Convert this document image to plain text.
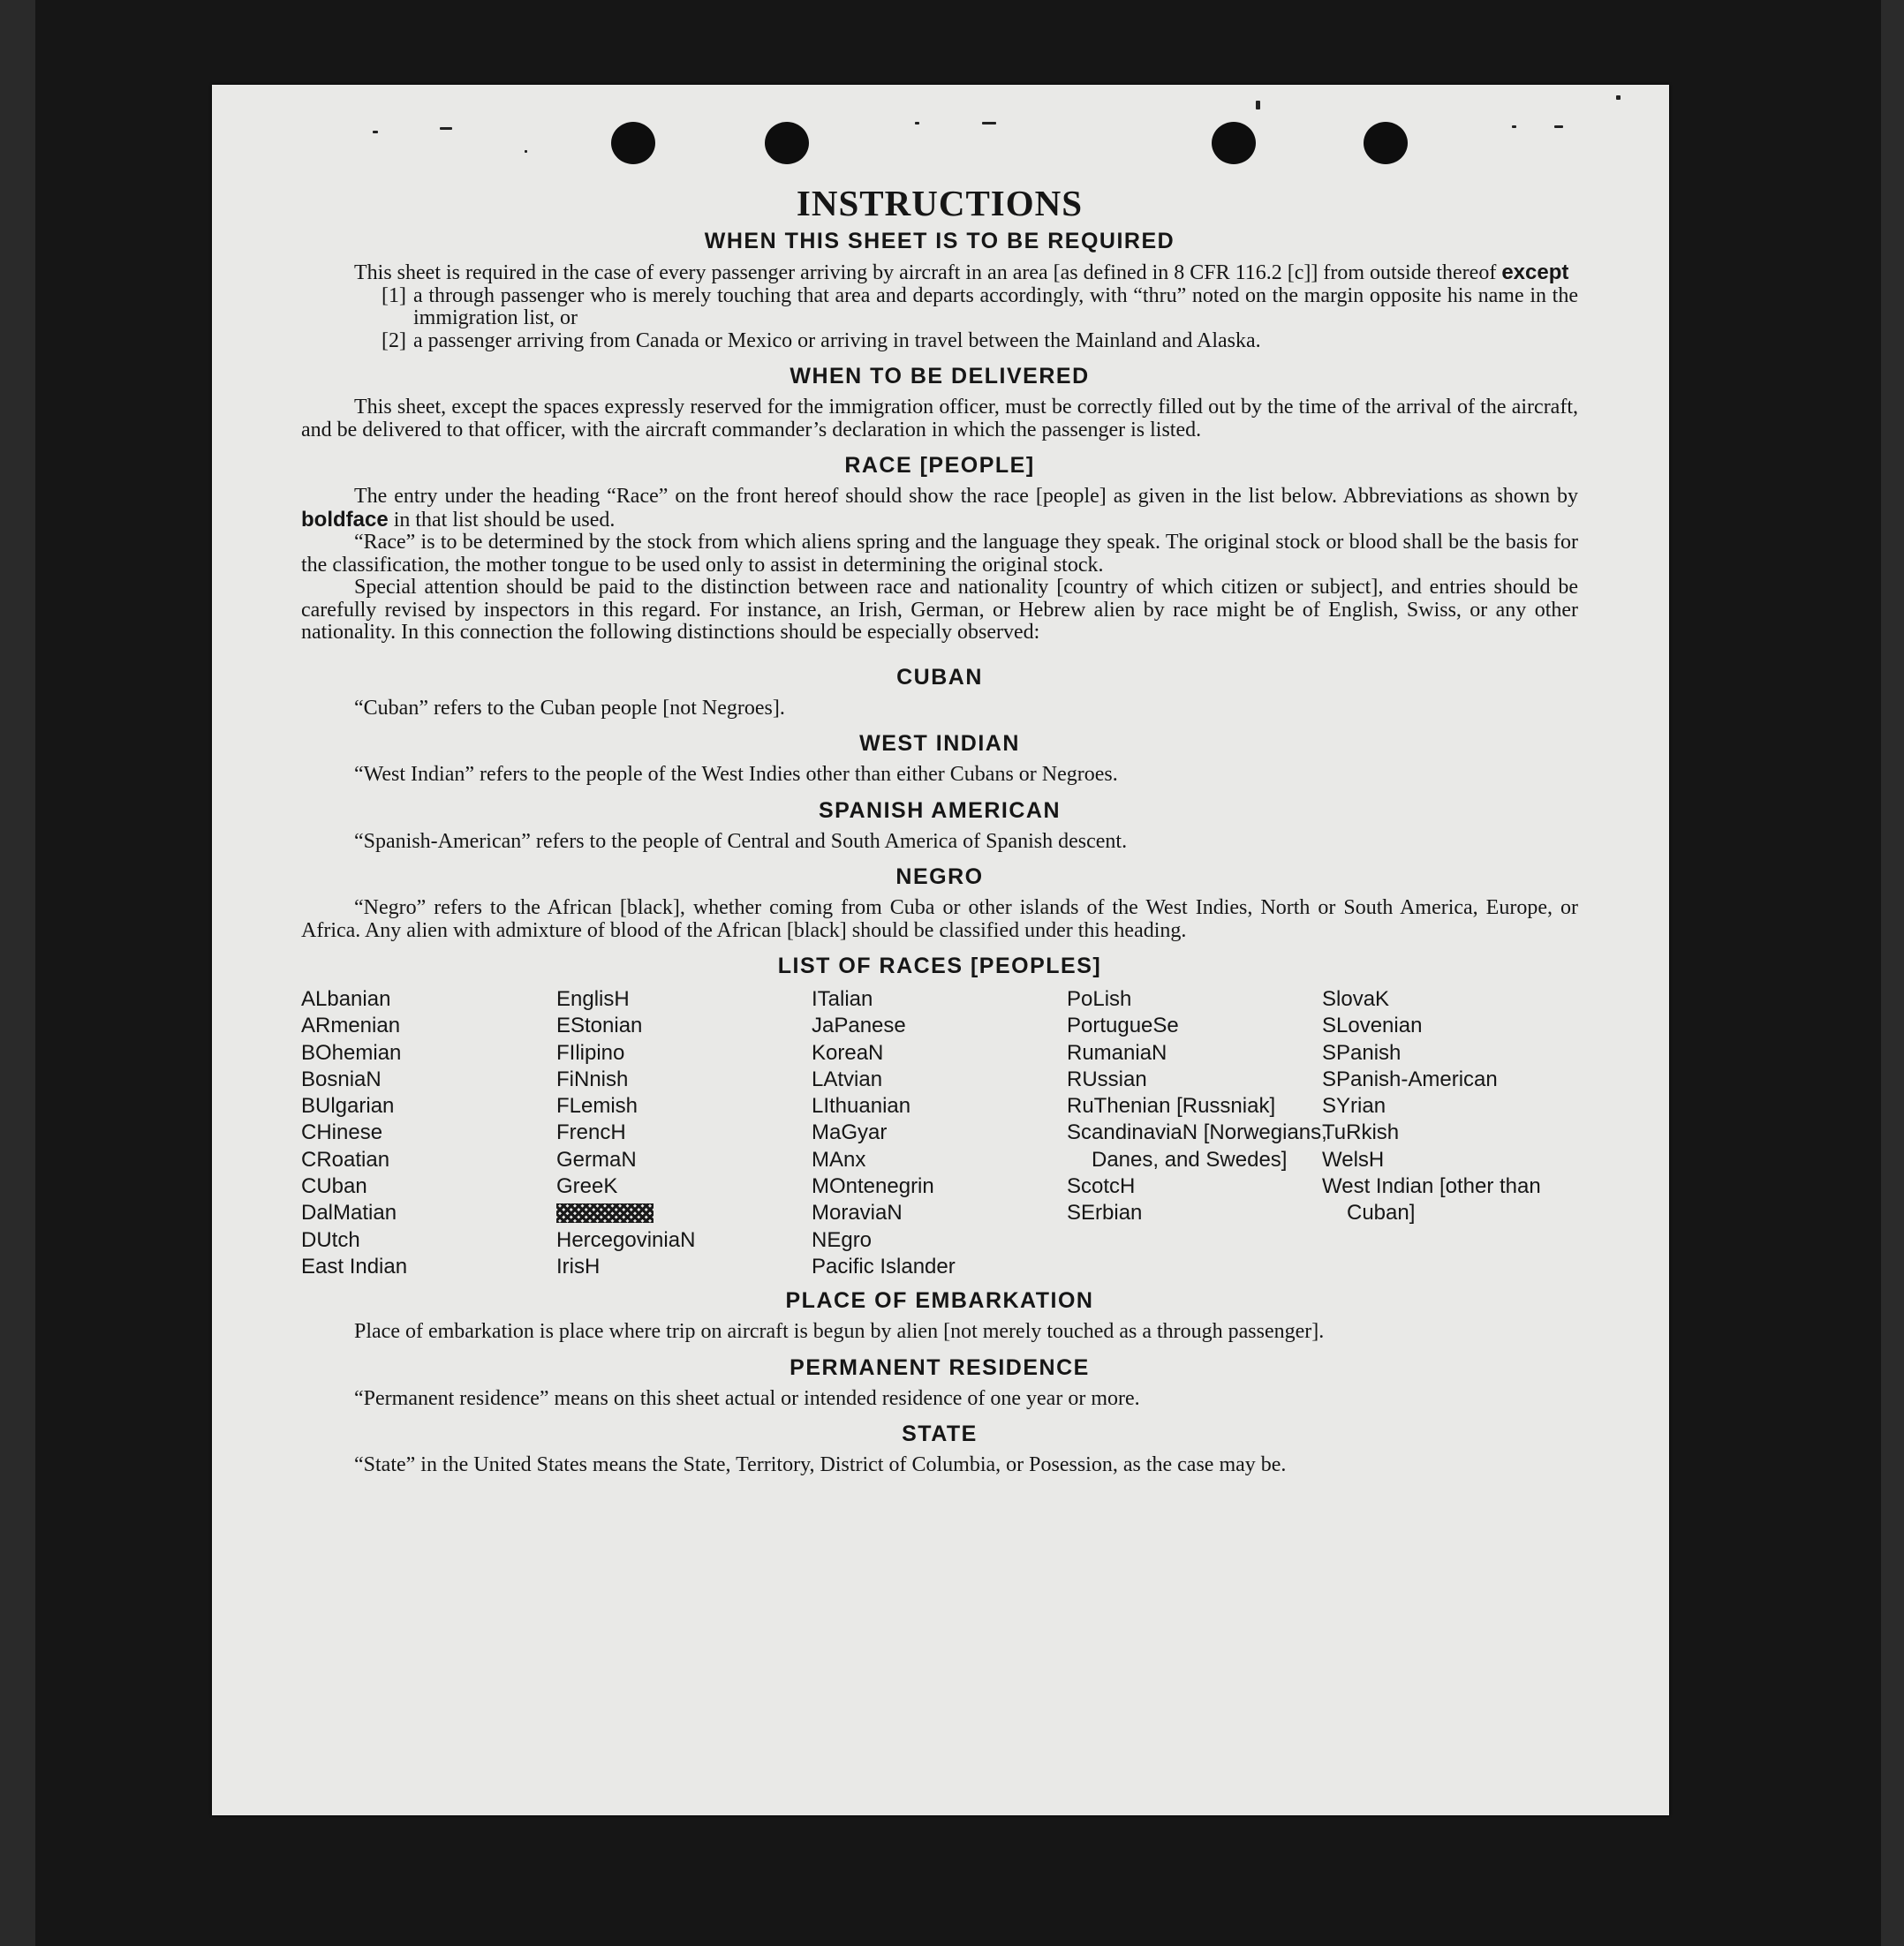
INSTRUCTIONS
WHEN THIS SHEET IS TO BE REQUIRED

This sheet is required in the case of every passenger arriving by aircraft in an area [as defined in 8 CFR 116.2 [c]] from outside thereof except

[1] a through passenger who is merely touching that area and departs accordingly, with “thru” noted on the margin opposite his name in the immigration list, or
[2] a passenger arriving from Canada or Mexico or arriving in travel between the Mainland and Alaska.
WHEN TO BE DELIVERED

This sheet, except the spaces expressly reserved for the immigration officer, must be correctly filled out by the time of the arrival of the aircraft, and be delivered to that officer, with the aircraft commander’s declaration in which the passenger is listed.

RACE [PEOPLE]

The entry under the heading “Race” on the front hereof should show the race [people] as given in the list below. Abbreviations as shown by boldface in that list should be used.

“Race” is to be determined by the stock from which aliens spring and the language they speak. The original stock or blood shall be the basis for the classification, the mother tongue to be used only to assist in determining the original stock.

Special attention should be paid to the distinction between race and nationality [country of which citizen or subject], and entries should be carefully revised by inspectors in this regard. For instance, an Irish, German, or Hebrew alien by race might be of English, Swiss, or any other nationality. In this connection the following distinctions should be especially observed:

CUBAN

“Cuban” refers to the Cuban people [not Negroes].

WEST INDIAN

“West Indian” refers to the people of the West Indies other than either Cubans or Negroes.

SPANISH AMERICAN

“Spanish-American” refers to the people of Central and South America of Spanish descent.

NEGRO

“Negro” refers to the African [black], whether coming from Cuba or other islands of the West Indies, North or South America, Europe, or Africa. Any alien with admixture of blood of the African [black] should be classified under this heading.

LIST OF RACES [PEOPLES]
ALbanian
ARmenian
BOhemian
BosniaN
BUlgarian
CHinese
CRoatian
CUban
DalMatian
DUtch
East Indian
EnglisH
EStonian
FIlipino
FiNnish
FLemish
FrencH
GermaN
GreeK
HercegoviniaN
IrisH
ITalian
JaPanese
KoreaN
LAtvian
LIthuanian
MaGyar
MAnx
MOntenegrin
MoraviaN
NEgro
Pacific Islander
PoLish
PortugueSe
RumaniaN
RUssian
RuThenian [Russniak]
ScandinaviaN [Norwegians, Danes, and Swedes]
ScotcH
SErbian
SlovaK
SLovenian
SPanish
SPanish-American
SYrian
TuRkish
WelsH
West Indian [other than Cuban]
PLACE OF EMBARKATION

Place of embarkation is place where trip on aircraft is begun by alien [not merely touched as a through passenger].

PERMANENT RESIDENCE

“Permanent residence” means on this sheet actual or intended residence of one year or more.

STATE

“State” in the United States means the State, Territory, District of Columbia, or Posession, as the case may be.
